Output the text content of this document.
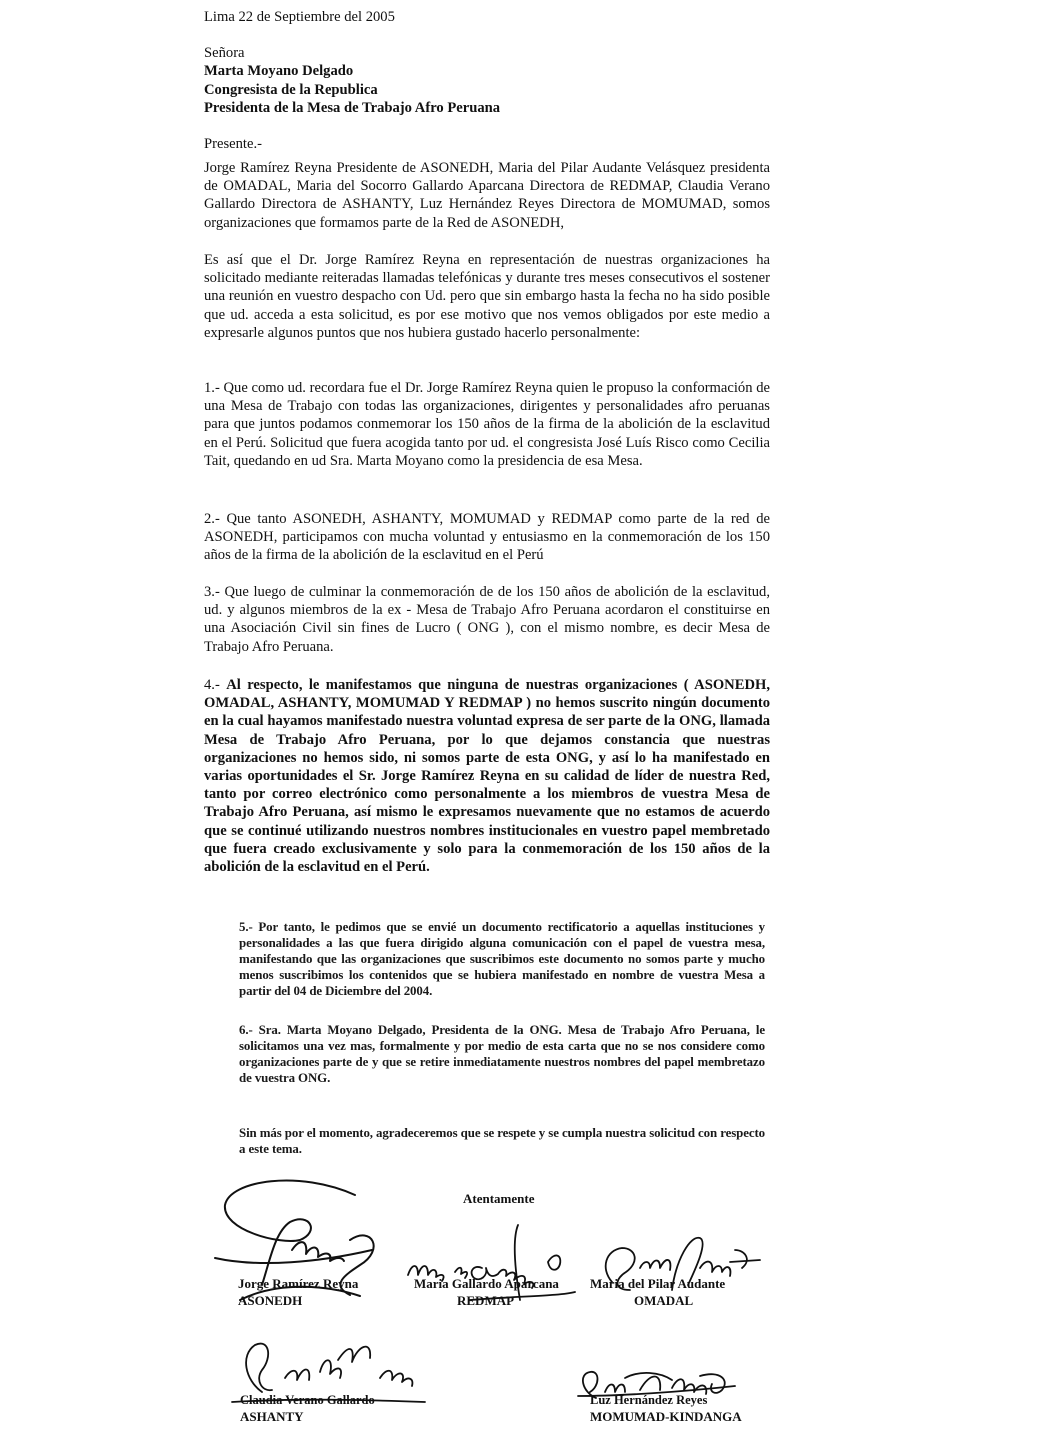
Lima 22 de Septiembre del 2005

Señora

Marta Moyano Delgado

Congresista de la Republica

Presidenta de la Mesa de Trabajo Afro Peruana

Presente.-

Jorge Ramírez Reyna Presidente de ASONEDH, Maria del Pilar Audante Velásquez presidenta de OMADAL, Maria del Socorro Gallardo Aparcana Directora de REDMAP, Claudia Verano Gallardo Directora de ASHANTY, Luz Hernández Reyes Directora de MOMUMAD, somos organizaciones que formamos parte de la Red de ASONEDH,
Es así que el Dr. Jorge Ramírez Reyna en representación de nuestras organizaciones ha solicitado mediante reiteradas llamadas telefónicas y durante tres meses consecutivos el sostener una reunión en vuestro despacho con Ud. pero que sin embargo hasta la fecha no ha sido posible que ud. acceda a esta solicitud, es por ese motivo que nos vemos obligados por este medio a expresarle algunos puntos que nos hubiera gustado hacerlo personalmente:
1.- Que como ud. recordara fue el Dr. Jorge Ramírez Reyna quien le propuso la conformación de una Mesa de Trabajo con todas las organizaciones, dirigentes y personalidades afro peruanas para que juntos podamos conmemorar los 150 años de la firma de la abolición de la esclavitud en el Perú. Solicitud que fuera acogida tanto por ud. el congresista José Luís Risco como Cecilia Tait, quedando en ud Sra. Marta Moyano como la presidencia de esa Mesa.
2.- Que tanto ASONEDH, ASHANTY, MOMUMAD y REDMAP como parte de la red de ASONEDH, participamos con mucha voluntad y entusiasmo en la conmemoración de los 150 años de la firma de la abolición de la esclavitud en el Perú
3.- Que luego de culminar la conmemoración de de los 150 años de abolición de la esclavitud, ud. y algunos miembros de la ex - Mesa de Trabajo Afro Peruana acordaron el constituirse en una Asociación Civil sin fines de Lucro ( ONG ), con el mismo nombre, es decir Mesa de Trabajo Afro Peruana.
4.- Al respecto, le manifestamos que ninguna de nuestras organizaciones ( ASONEDH, OMADAL, ASHANTY, MOMUMAD Y REDMAP ) no hemos suscrito ningún documento en la cual hayamos manifestado nuestra voluntad expresa de ser parte de la ONG, llamada Mesa de Trabajo Afro Peruana, por lo que dejamos constancia que nuestras organizaciones no hemos sido, ni somos parte de esta ONG, y así lo ha manifestado en varias oportunidades el Sr. Jorge Ramírez Reyna en su calidad de líder de nuestra Red, tanto por correo electrónico como personalmente a los miembros de vuestra Mesa de Trabajo Afro Peruana, así mismo le expresamos nuevamente que no estamos de acuerdo que se continué utilizando nuestros nombres institucionales en vuestro papel membretado que fuera creado exclusivamente y solo para la conmemoración de los 150 años de la abolición de la esclavitud en el Perú.
5.- Por tanto, le pedimos que se envié un documento rectificatorio a aquellas instituciones y personalidades a las que fuera dirigido alguna comunicación con el papel de vuestra mesa, manifestando que las organizaciones que suscribimos este documento no somos parte y mucho menos suscribimos los contenidos que se hubiera manifestado en nombre de vuestra Mesa a partir del 04 de Diciembre del 2004.
6.- Sra. Marta Moyano Delgado, Presidenta de la ONG. Mesa de Trabajo Afro Peruana, le solicitamos una vez mas, formalmente y por medio de esta carta que no se nos considere como organizaciones parte de y que se retire inmediatamente nuestros nombres del papel membretazo de vuestra ONG.
Sin más por el momento, agradeceremos que se respete y se cumpla nuestra solicitud con respecto a este tema.
Atentamente
Jorge Ramírez Reyna
ASONEDH
Maria Gallardo Aparcana
REDMAP
Maria del Pilar Audante
OMADAL
Claudia Verano Gallardo
ASHANTY
Luz Hernández Reyes
MOMUMAD-KINDANGA
